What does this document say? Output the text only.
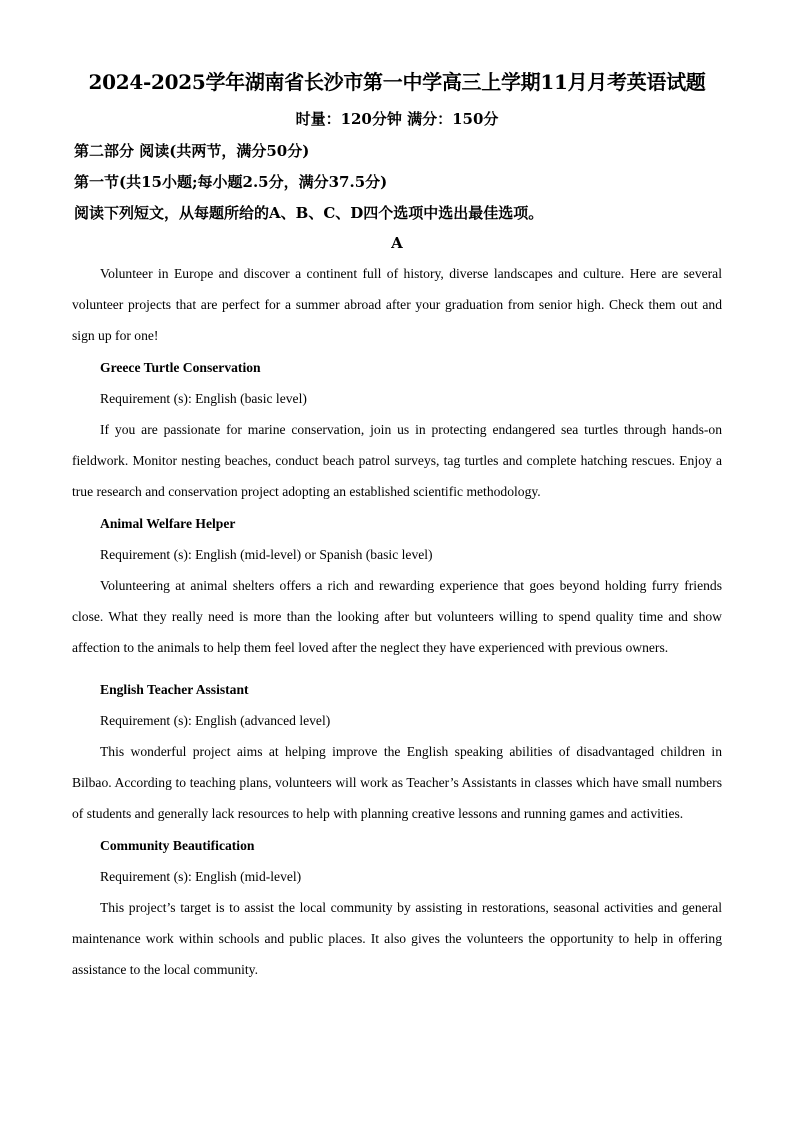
2024-2025学年湖南省长沙市第一中学高三上学期11月月考英语试题
时量：120分钟 满分：150分
第二部分 阅读(共两节，满分50分)
第一节(共15小题;每小题2.5分，满分37.5分)
阅读下列短文，从每题所给的A、B、C、D四个选项中选出最佳选项。
A

Volunteer in Europe and discover a continent full of history, diverse landscapes and culture. Here are several volunteer projects that are perfect for a summer abroad after your graduation from senior high. Check them out and sign up for one!

Greece Turtle Conservation

Requirement (s): English (basic level)

If you are passionate for marine conservation, join us in protecting endangered sea turtles through hands-on fieldwork. Monitor nesting beaches, conduct beach patrol surveys, tag turtles and complete hatching rescues. Enjoy a true research and conservation project adopting an established scientific methodology.

Animal Welfare Helper

Requirement (s): English (mid-level) or Spanish (basic level)

Volunteering at animal shelters offers a rich and rewarding experience that goes beyond holding furry friends close. What they really need is more than the looking after but volunteers willing to spend quality time and show affection to the animals to help them feel loved after the neglect they have experienced with previous owners.

English Teacher Assistant

Requirement (s): English (advanced level)

This wonderful project aims at helping improve the English speaking abilities of disadvantaged children in Bilbao. According to teaching plans, volunteers will work as Teacher’s Assistants in classes which have small numbers of students and generally lack resources to help with planning creative lessons and running games and activities.

Community Beautification

Requirement (s): English (mid-level)

This project’s target is to assist the local community by assisting in restorations, seasonal activities and general maintenance work within schools and public places. It also gives the volunteers the opportunity to help in offering assistance to the local community.
